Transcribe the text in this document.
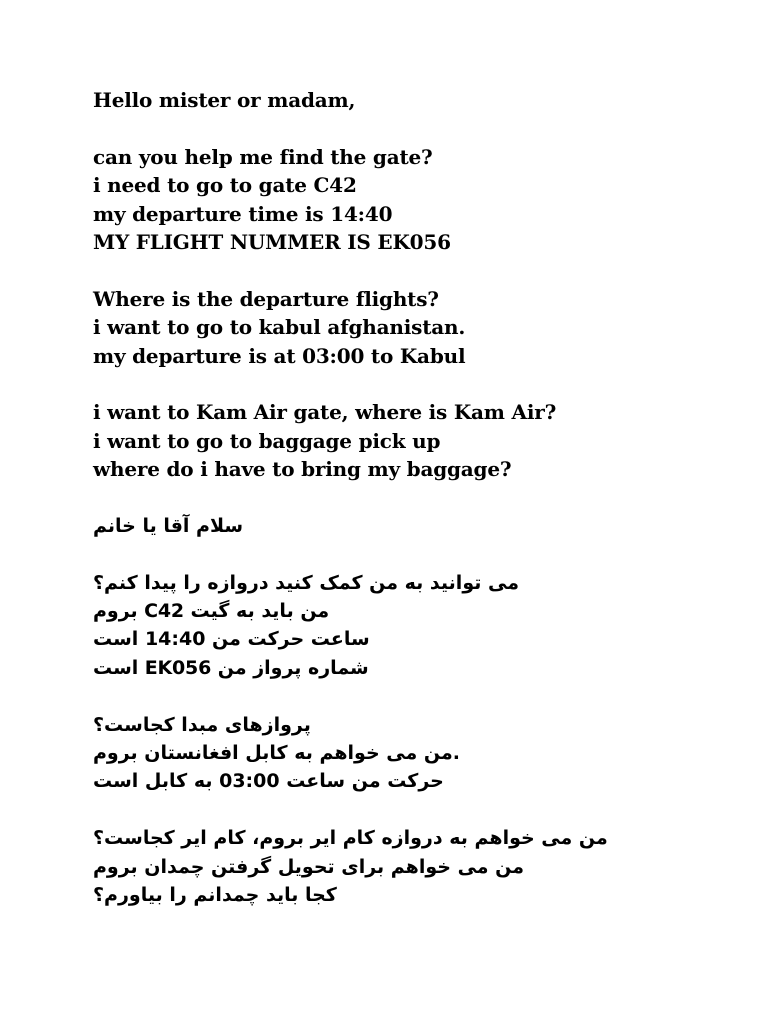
Hello mister or madam,
can you help me find the gate?
i need to go to gate C42
my departure time is 14:40
MY FLIGHT NUMMER IS EK056
Where is the departure flights?
i want to go to kabul afghanistan.
my departure is at 03:00 to Kabul
i want to Kam Air gate, where is Kam Air?
i want to go to baggage pick up
where do i have to bring my baggage?
سلام آقا یا خانم
می توانید به من کمک کنید دروازه را پیدا کنم؟
من باید به گیت C42 بروم
ساعت حرکت من 14:40 است
شماره پرواز من EK056 است
پروازهای مبدا کجاست؟
.من می خواهم به کابل افغانستان بروم
حرکت من ساعت 03:00 به کابل است
من می خواهم به دروازه کام ایر بروم، کام ایر کجاست؟
من می خواهم برای تحویل گرفتن چمدان بروم
کجا باید چمدانم را بیاورم؟
